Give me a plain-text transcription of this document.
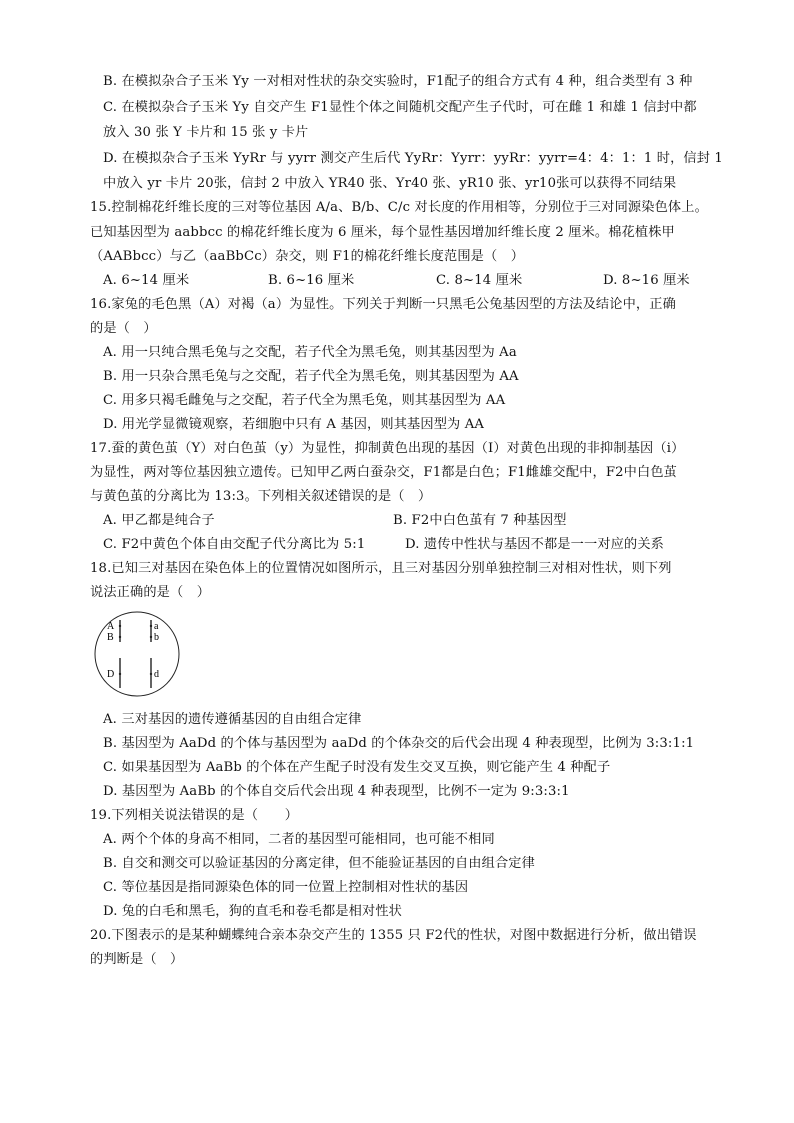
B. 在模拟杂合子玉米 Yy 一对相对性状的杂交实验时，F1配子的组合方式有 4 种，组合类型有 3 种
C. 在模拟杂合子玉米 Yy 自交产生 F1显性个体之间随机交配产生子代时，可在雌 1 和雄 1 信封中都
放入 30 张 Y 卡片和 15 张 y 卡片
D. 在模拟杂合子玉米 YyRr 与 yyrr 测交产生后代 YyRr：Yyrr：yyRr：yyrr=4：4：1：1 时，信封 1
中放入 yr 卡片 20张，信封 2 中放入 YR40 张、Yr40 张、yR10 张、yr10张可以获得不同结果
15.控制棉花纤维长度的三对等位基因 A/a、B/b、C/c 对长度的作用相等，分别位于三对同源染色体上。
已知基因型为 aabbcc 的棉花纤维长度为 6 厘米，每个显性基因增加纤维长度 2 厘米。棉花植株甲
（AABbcc）与乙（aaBbCc）杂交，则 F1的棉花纤维长度范围是（　）
A. 6~14 厘米	B. 6~16 厘米	C. 8~14 厘米	D. 8~16 厘米
16.家兔的毛色黑（A）对褐（a）为显性。下列关于判断一只黑毛公兔基因型的方法及结论中，正确
的是（　）
A. 用一只纯合黑毛兔与之交配，若子代全为黑毛兔，则其基因型为 Aa
B. 用一只杂合黑毛兔与之交配，若子代全为黑毛兔，则其基因型为 AA
C. 用多只褐毛雌兔与之交配，若子代全为黑毛兔，则其基因型为 AA
D. 用光学显微镜观察，若细胞中只有 A 基因，则其基因型为 AA
17.蚕的黄色茧（Y）对白色茧（y）为显性，抑制黄色出现的基因（I）对黄色出现的非抑制基因（i）
为显性，两对等位基因独立遗传。已知甲乙两白蚕杂交，F1都是白色；F1雌雄交配中，F2中白色茧
与黄色茧的分离比为 13:3。下列相关叙述错误的是（　）
A. 甲乙都是纯合子	B. F2中白色茧有 7 种基因型
C. F2中黄色个体自由交配子代分离比为 5:1	D. 遗传中性状与基因不都是一一对应的关系
18.已知三对基因在染色体上的位置情况如图所示，且三对基因分别单独控制三对相对性状，则下列
说法正确的是（　）
A
B
D
a
b
d
A. 三对基因的遗传遵循基因的自由组合定律
B. 基因型为 AaDd 的个体与基因型为 aaDd 的个体杂交的后代会出现 4 种表现型，比例为 3:3:1:1
C. 如果基因型为 AaBb 的个体在产生配子时没有发生交叉互换，则它能产生 4 种配子
D. 基因型为 AaBb 的个体自交后代会出现 4 种表现型，比例不一定为 9:3:3:1
19.下列相关说法错误的是（　　）
A. 两个个体的身高不相同，二者的基因型可能相同，也可能不相同
B. 自交和测交可以验证基因的分离定律，但不能验证基因的自由组合定律
C. 等位基因是指同源染色体的同一位置上控制相对性状的基因
D. 兔的白毛和黑毛，狗的直毛和卷毛都是相对性状
20.下图表示的是某种蝴蝶纯合亲本杂交产生的 1355 只 F2代的性状，对图中数据进行分析，做出错误
的判断是（　）
